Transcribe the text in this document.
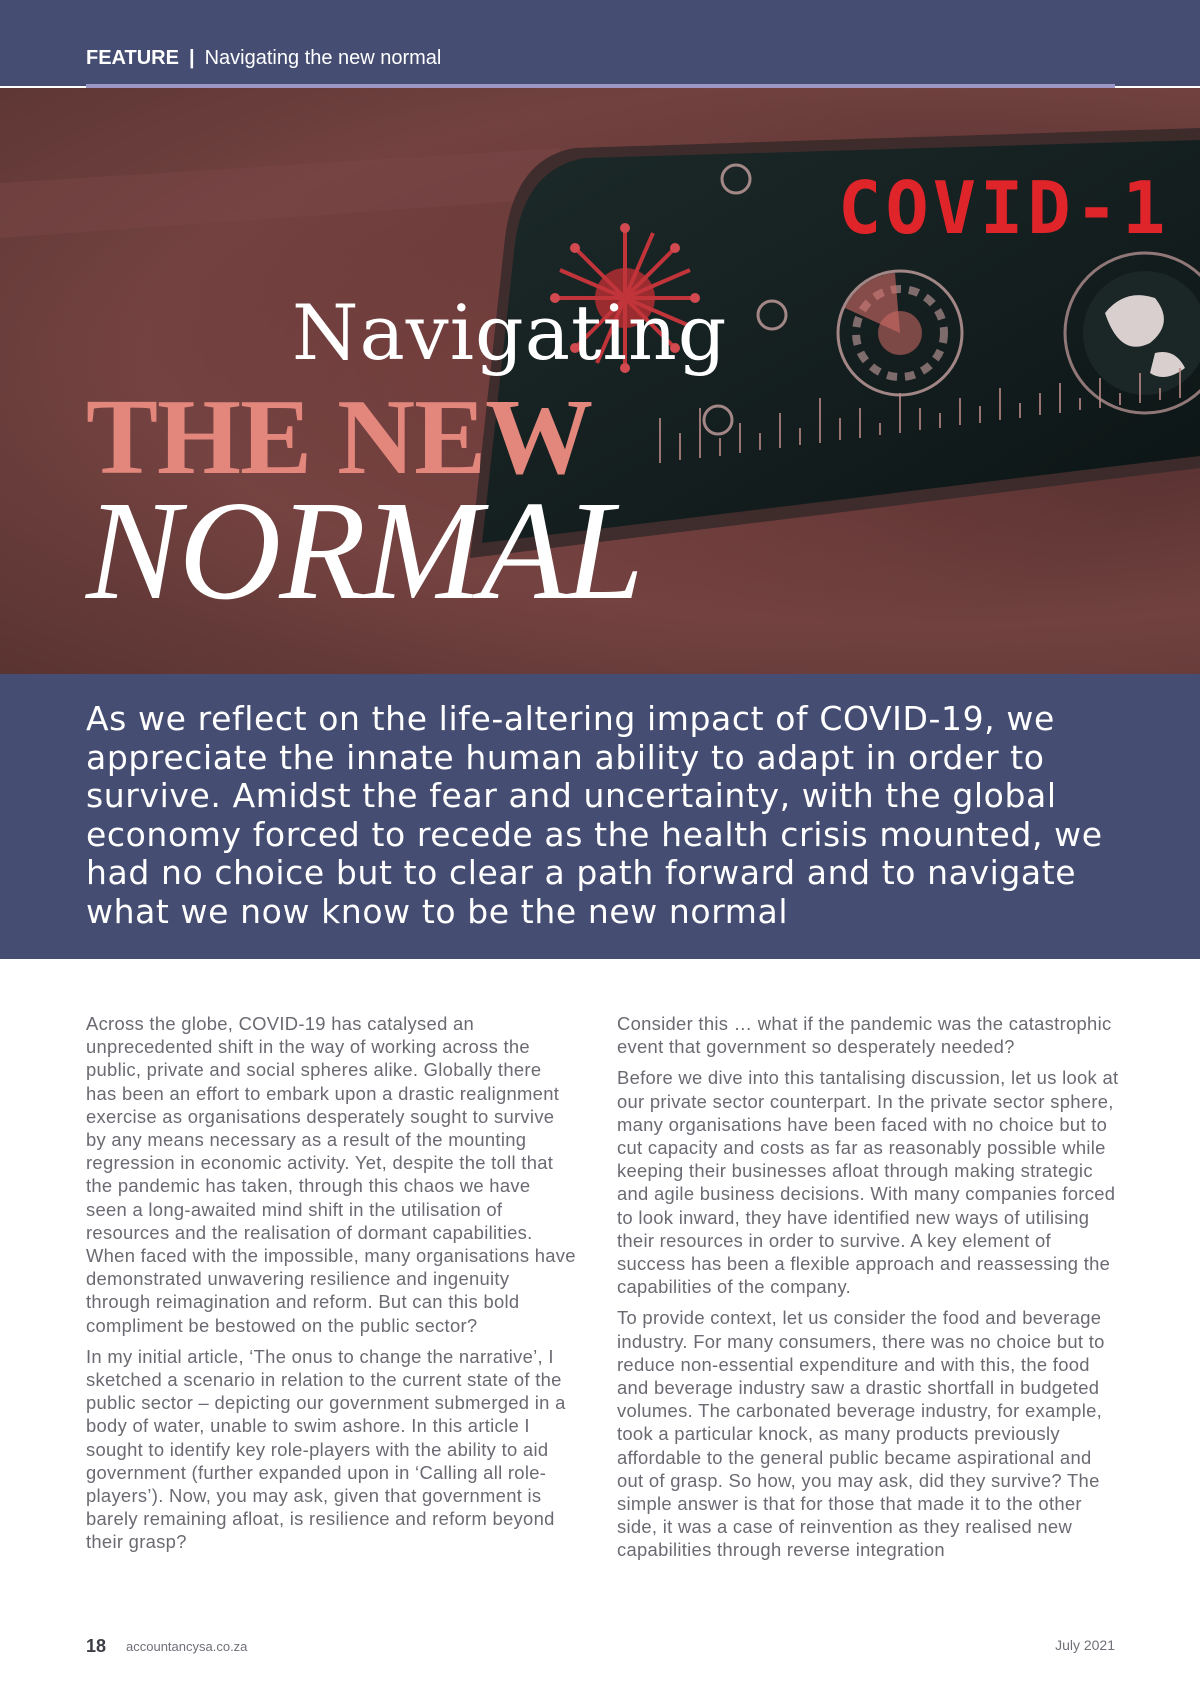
FEATURE | Navigating the new normal
COVID-1
Navigating
THE NEW
NORMAL

As we reflect on the life-altering impact of COVID-19, we appreciate the innate human ability to adapt in order to survive. Amidst the fear and uncertainty, with the global economy forced to recede as the health crisis mounted, we had no choice but to clear a path forward and to navigate what we now know to be the new normal

Across the globe, COVID-19 has catalysed an unprecedented shift in the way of working across the public, private and social spheres alike. Globally there has been an effort to embark upon a drastic realignment exercise as organisations desperately sought to survive by any means necessary as a result of the mounting regression in economic activity. Yet, despite the toll that the pandemic has taken, through this chaos we have seen a long-awaited mind shift in the utilisation of resources and the realisation of dormant capabilities. When faced with the impossible, many organisations have demonstrated unwavering resilience and ingenuity through reimagination and reform. But can this bold compliment be bestowed on the public sector?

In my initial article, ‘The onus to change the narrative’, I sketched a scenario in relation to the current state of the public sector – depicting our government submerged in a body of water, unable to swim ashore. In this article I sought to identify key role-players with the ability to aid government (further expanded upon in ‘Calling all role-players’). Now, you may ask, given that government is barely remaining afloat, is resilience and reform beyond their grasp?

Consider this … what if the pandemic was the catastrophic event that government so desperately needed?

Before we dive into this tantalising discussion, let us look at our private sector counterpart. In the private sector sphere, many organisations have been faced with no choice but to cut capacity and costs as far as reasonably possible while keeping their businesses afloat through making strategic and agile business decisions. With many companies forced to look inward, they have identified new ways of utilising their resources in order to survive. A key element of success has been a flexible approach and reassessing the capabilities of the company.

To provide context, let us consider the food and beverage industry. For many consumers, there was no choice but to reduce non-essential expenditure and with this, the food and beverage industry saw a drastic shortfall in budgeted volumes. The carbonated beverage industry, for example, took a particular knock, as many products previously affordable to the general public became aspirational and out of grasp. So how, you may ask, did they survive? The simple answer is that for those that made it to the other side, it was a case of reinvention as they realised new capabilities through reverse integration

18 accountancysa.co.za	July 2021
